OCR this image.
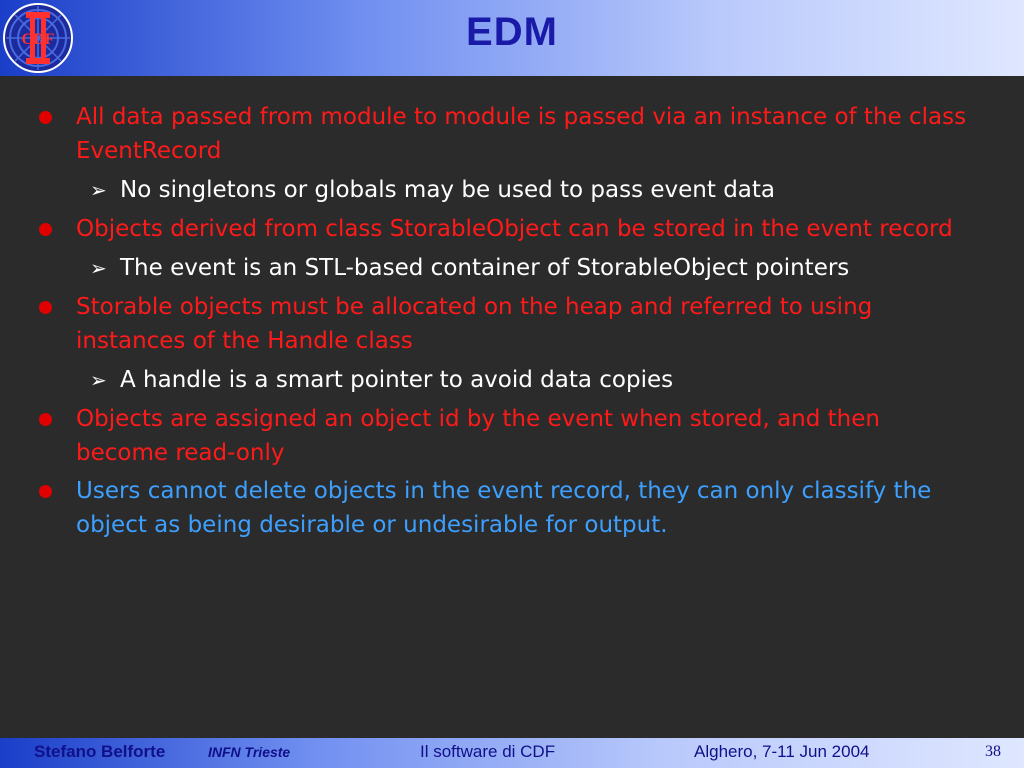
CDF	EDM
All data passed from module to module is passed via an instance of the class EventRecord
➢ No singletons or globals may be used to pass event data
Objects derived from class StorableObject can be stored in the event record
➢ The event is an STL-based container of StorableObject pointers
Storable objects must be allocated on the heap and referred to using instances of the Handle class
➢ A handle is a smart pointer to avoid data copies
Objects are assigned an object id by the event when stored, and then become read-only
Users cannot delete objects in the event record, they can only classify the object as being desirable or undesirable for output.
Stefano Belforte	INFN Trieste	Il software di CDF	Alghero, 7-11 Jun 2004	38
